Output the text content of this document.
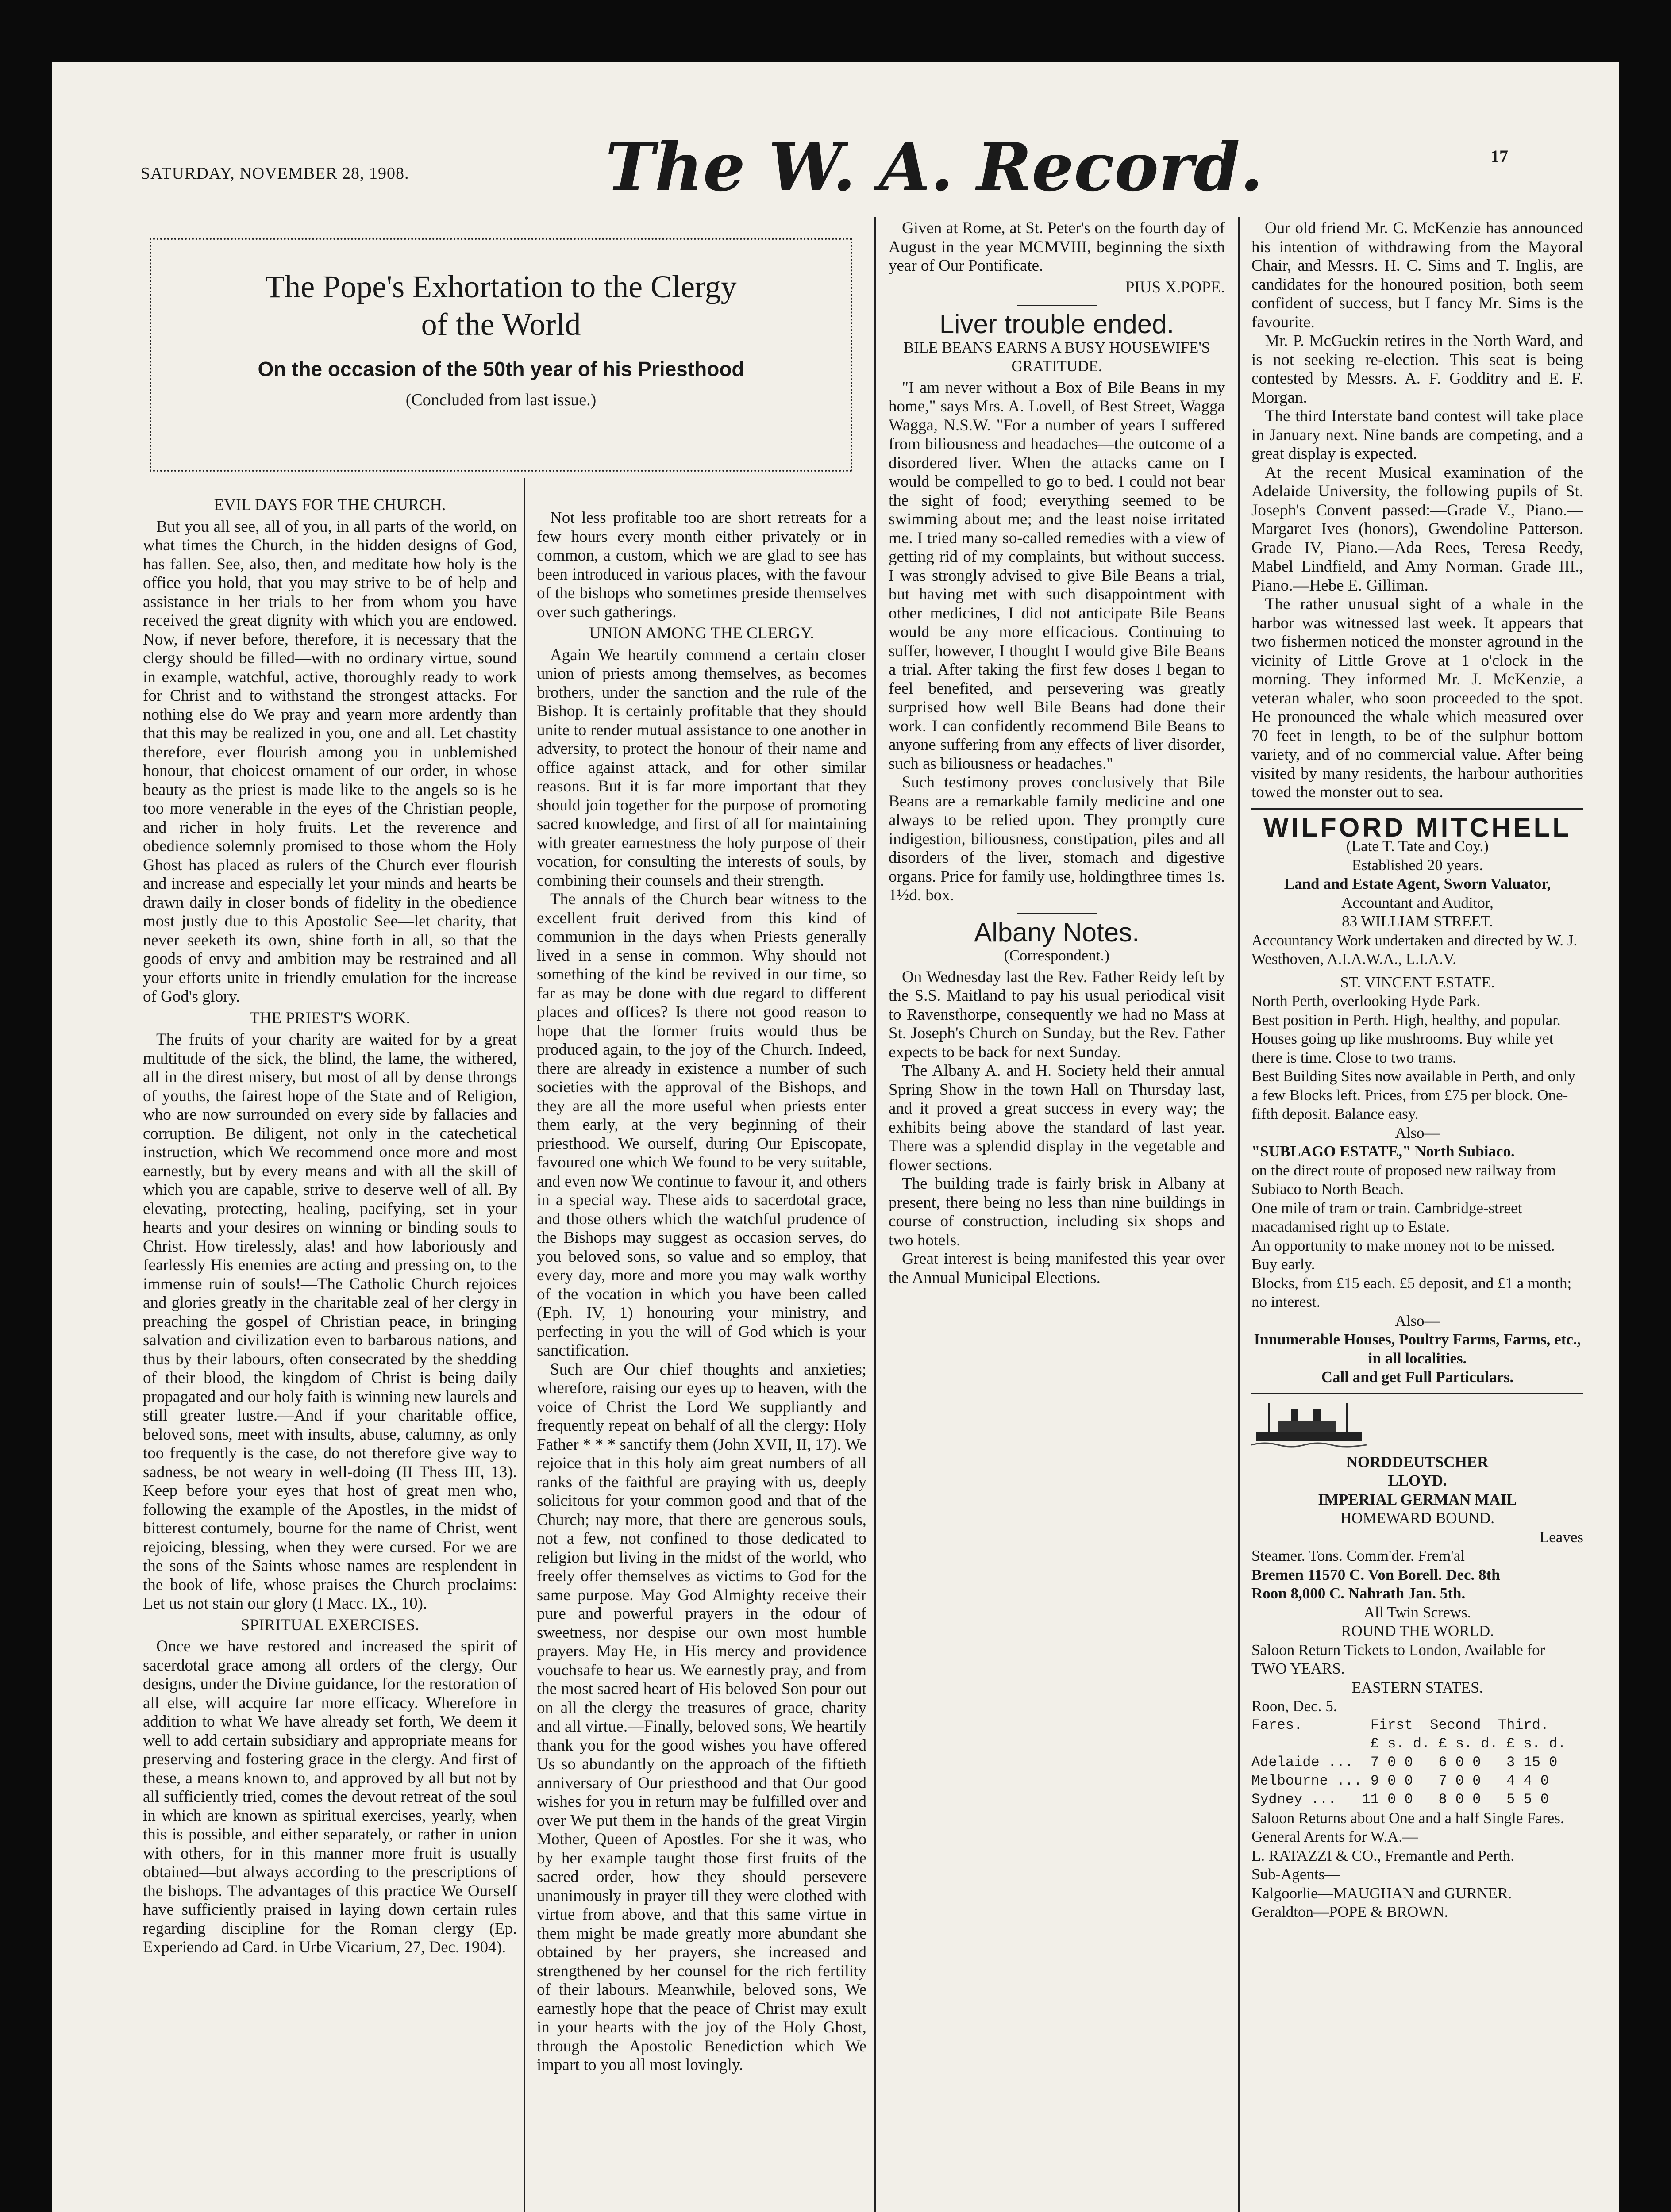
SATURDAY, NOVEMBER 28, 1908.	The W. A. Record.	17
The Pope's Exhortation to the Clergy
of the World
On the occasion of the 50th year of his Priesthood
(Concluded from last issue.)

EVIL DAYS FOR THE CHURCH.

But you all see, all of you, in all parts of the world, on what times the Church, in the hidden designs of God, has fallen. See, also, then, and meditate how holy is the office you hold, that you may strive to be of help and assistance in her trials to her from whom you have received the great dignity with which you are endowed. Now, if never before, therefore, it is necessary that the clergy should be filled—with no ordinary virtue, sound in example, watchful, active, thoroughly ready to work for Christ and to withstand the strongest attacks. For nothing else do We pray and yearn more ardently than that this may be realized in you, one and all. Let chastity therefore, ever flourish among you in unblemished honour, that choicest ornament of our order, in whose beauty as the priest is made like to the angels so is he too more venerable in the eyes of the Christian people, and richer in holy fruits. Let the reverence and obedience solemnly promised to those whom the Holy Ghost has placed as rulers of the Church ever flourish and increase and especially let your minds and hearts be drawn daily in closer bonds of fidelity in the obedience most justly due to this Apostolic See—let charity, that never seeketh its own, shine forth in all, so that the goods of envy and ambition may be restrained and all your efforts unite in friendly emulation for the increase of God's glory.

THE PRIEST'S WORK.

The fruits of your charity are waited for by a great multitude of the sick, the blind, the lame, the withered, all in the direst misery, but most of all by dense throngs of youths, the fairest hope of the State and of Religion, who are now surrounded on every side by fallacies and corruption. Be diligent, not only in the catechetical instruction, which We recommend once more and most earnestly, but by every means and with all the skill of which you are capable, strive to deserve well of all. By elevating, protecting, healing, pacifying, set in your hearts and your desires on winning or binding souls to Christ. How tirelessly, alas! and how laboriously and fearlessly His enemies are acting and pressing on, to the immense ruin of souls!—The Catholic Church rejoices and glories greatly in the charitable zeal of her clergy in preaching the gospel of Christian peace, in bringing salvation and civilization even to barbarous nations, and thus by their labours, often consecrated by the shedding of their blood, the kingdom of Christ is being daily propagated and our holy faith is winning new laurels and still greater lustre.—And if your charitable office, beloved sons, meet with insults, abuse, calumny, as only too frequently is the case, do not therefore give way to sadness, be not weary in well-doing (II Thess III, 13). Keep before your eyes that host of great men who, following the example of the Apostles, in the midst of bitterest contumely, bourne for the name of Christ, went rejoicing, blessing, when they were cursed. For we are the sons of the Saints whose names are resplendent in the book of life, whose praises the Church proclaims: Let us not stain our glory (I Macc. IX., 10).

SPIRITUAL EXERCISES.

Once we have restored and increased the spirit of sacerdotal grace among all orders of the clergy, Our designs, under the Divine guidance, for the restoration of all else, will acquire far more efficacy. Wherefore in addition to what We have already set forth, We deem it well to add certain subsidiary and appropriate means for preserving and fostering grace in the clergy. And first of these, a means known to, and approved by all but not by all sufficiently tried, comes the devout retreat of the soul in which are known as spiritual exercises, yearly, when this is possible, and either separately, or rather in union with others, for in this manner more fruit is usually obtained—but always according to the prescriptions of the bishops. The advantages of this practice We Ourself have sufficiently praised in laying down certain rules regarding discipline for the Roman clergy (Ep. Experiendo ad Card. in Urbe Vicarium, 27, Dec. 1904).

Not less profitable too are short retreats for a few hours every month either privately or in common, a custom, which we are glad to see has been introduced in various places, with the favour of the bishops who sometimes preside themselves over such gatherings.

UNION AMONG THE CLERGY.

Again We heartily commend a certain closer union of priests among themselves, as becomes brothers, under the sanction and the rule of the Bishop. It is certainly profitable that they should unite to render mutual assistance to one another in adversity, to protect the honour of their name and office against attack, and for other similar reasons. But it is far more important that they should join together for the purpose of promoting sacred knowledge, and first of all for maintaining with greater earnestness the holy purpose of their vocation, for consulting the interests of souls, by combining their counsels and their strength.

The annals of the Church bear witness to the excellent fruit derived from this kind of communion in the days when Priests generally lived in a sense in common. Why should not something of the kind be revived in our time, so far as may be done with due regard to different places and offices? Is there not good reason to hope that the former fruits would thus be produced again, to the joy of the Church. Indeed, there are already in existence a number of such societies with the approval of the Bishops, and they are all the more useful when priests enter them early, at the very beginning of their priesthood. We ourself, during Our Episcopate, favoured one which We found to be very suitable, and even now We continue to favour it, and others in a special way. These aids to sacerdotal grace, and those others which the watchful prudence of the Bishops may suggest as occasion serves, do you beloved sons, so value and so employ, that every day, more and more you may walk worthy of the vocation in which you have been called (Eph. IV, 1) honouring your ministry, and perfecting in you the will of God which is your sanctification.

Such are Our chief thoughts and anxieties; wherefore, raising our eyes up to heaven, with the voice of Christ the Lord We suppliantly and frequently repeat on behalf of all the clergy: Holy Father * * * sanctify them (John XVII, II, 17). We rejoice that in this holy aim great numbers of all ranks of the faithful are praying with us, deeply solicitous for your common good and that of the Church; nay more, that there are generous souls, not a few, not confined to those dedicated to religion but living in the midst of the world, who freely offer themselves as victims to God for the same purpose. May God Almighty receive their pure and powerful prayers in the odour of sweetness, nor despise our own most humble prayers. May He, in His mercy and providence vouchsafe to hear us. We earnestly pray, and from the most sacred heart of His beloved Son pour out on all the clergy the treasures of grace, charity and all virtue.—Finally, beloved sons, We heartily thank you for the good wishes you have offered Us so abundantly on the approach of the fiftieth anniversary of Our priesthood and that Our good wishes for you in return may be fulfilled over and over We put them in the hands of the great Virgin Mother, Queen of Apostles. For she it was, who by her example taught those first fruits of the sacred order, how they should persevere unanimously in prayer till they were clothed with virtue from above, and that this same virtue in them might be made greatly more abundant she obtained by her prayers, she increased and strengthened by her counsel for the rich fertility of their labours. Meanwhile, beloved sons, We earnestly hope that the peace of Christ may exult in your hearts with the joy of the Holy Ghost, through the Apostolic Benediction which We impart to you all most lovingly.

Given at Rome, at St. Peter's on the fourth day of August in the year MCMVIII, beginning the sixth year of Our Pontificate.

PIUS X.POPE.

Liver trouble ended.
BILE BEANS EARNS A BUSY HOUSEWIFE'S GRATITUDE.

"I am never without a Box of Bile Beans in my home," says Mrs. A. Lovell, of Best Street, Wagga Wagga, N.S.W. "For a number of years I suffered from biliousness and headaches—the outcome of a disordered liver. When the attacks came on I would be compelled to go to bed. I could not bear the sight of food; everything seemed to be swimming about me; and the least noise irritated me. I tried many so-called remedies with a view of getting rid of my complaints, but without success. I was strongly advised to give Bile Beans a trial, but having met with such disappointment with other medicines, I did not anticipate Bile Beans would be any more efficacious. Continuing to suffer, however, I thought I would give Bile Beans a trial. After taking the first few doses I began to feel benefited, and persevering was greatly surprised how well Bile Beans had done their work. I can confidently recommend Bile Beans to anyone suffering from any effects of liver disorder, such as biliousness or headaches."

Such testimony proves conclusively that Bile Beans are a remarkable family medicine and one always to be relied upon. They promptly cure indigestion, biliousness, constipation, piles and all disorders of the liver, stomach and digestive organs. Price for family use, holdingthree times 1s. 1½d. box.

Albany Notes.
(Correspondent.)

On Wednesday last the Rev. Father Reidy left by the S.S. Maitland to pay his usual periodical visit to Ravensthorpe, consequently we had no Mass at St. Joseph's Church on Sunday, but the Rev. Father expects to be back for next Sunday.

The Albany A. and H. Society held their annual Spring Show in the town Hall on Thursday last, and it proved a great success in every way; the exhibits being above the standard of last year. There was a splendid display in the vegetable and flower sections.

The building trade is fairly brisk in Albany at present, there being no less than nine buildings in course of construction, including six shops and two hotels.

Great interest is being manifested this year over the Annual Municipal Elections.

Our old friend Mr. C. McKenzie has announced his intention of withdrawing from the Mayoral Chair, and Messrs. H. C. Sims and T. Inglis, are candidates for the honoured position, both seem confident of success, but I fancy Mr. Sims is the favourite.

Mr. P. McGuckin retires in the North Ward, and is not seeking re-election. This seat is being contested by Messrs. A. F. Godditry and E. F. Morgan.

The third Interstate band contest will take place in January next. Nine bands are competing, and a great display is expected.

At the recent Musical examination of the Adelaide University, the following pupils of St. Joseph's Convent passed:—Grade V., Piano.—Margaret Ives (honors), Gwendoline Patterson. Grade IV, Piano.—Ada Rees, Teresa Reedy, Mabel Lindfield, and Amy Norman. Grade III., Piano.—Hebe E. Gilliman.

The rather unusual sight of a whale in the harbor was witnessed last week. It appears that two fishermen noticed the monster aground in the vicinity of Little Grove at 1 o'clock in the morning. They informed Mr. J. McKenzie, a veteran whaler, who soon proceeded to the spot. He pronounced the whale which measured over 70 feet in length, to be of the sulphur bottom variety, and of no commercial value. After being visited by many residents, the harbour authorities towed the monster out to sea.

WILFORD MITCHELL
(Late T. Tate and Coy.)
Established 20 years.
Land and Estate Agent, Sworn Valuator,
Accountant and Auditor,
83 WILLIAM STREET.
Accountancy Work undertaken and directed by W. J. Westhoven, A.I.A.W.A., L.I.A.V.
ST. VINCENT ESTATE.
North Perth, overlooking Hyde Park.
Best position in Perth. High, healthy, and popular. Houses going up like mushrooms. Buy while yet there is time. Close to two trams.
Best Building Sites now available in Perth, and only a few Blocks left. Prices, from £75 per block. One-fifth deposit. Balance easy.
Also—
"SUBLAGO ESTATE," North Subiaco.
on the direct route of proposed new railway from Subiaco to North Beach.
One mile of tram or train. Cambridge-street macadamised right up to Estate.
An opportunity to make money not to be missed. Buy early.
Blocks, from £15 each. £5 deposit, and £1 a month; no interest.
Also—
Innumerable Houses, Poultry Farms, Farms, etc., in all localities.
Call and get Full Particulars.
NORDDEUTSCHER
LLOYD.
IMPERIAL GERMAN MAIL
HOMEWARD BOUND.
Leaves
Steamer. Tons. Comm'der. Frem'al
Bremen 11570 C. Von Borell. Dec. 8th
Roon 8,000 C. Nahrath Jan. 5th.
All Twin Screws.
ROUND THE WORLD.
Saloon Return Tickets to London, Available for TWO YEARS.
EASTERN STATES.
Roon, Dec. 5.
Fares.        First  Second  Third.
£ s. d. £ s. d. £ s. d.
Adelaide ...  7 0 0   6 0 0   3 15 0
Melbourne ... 9 0 0   7 0 0   4 4 0
Sydney ...   11 0 0   8 0 0   5 5 0
Saloon Returns about One and a half Single Fares.
General Arents for W.A.—
L. RATAZZI & CO., Fremantle and Perth.
Sub-Agents—
Kalgoorlie—MAUGHAN and GURNER.
Geraldton—POPE & BROWN.
